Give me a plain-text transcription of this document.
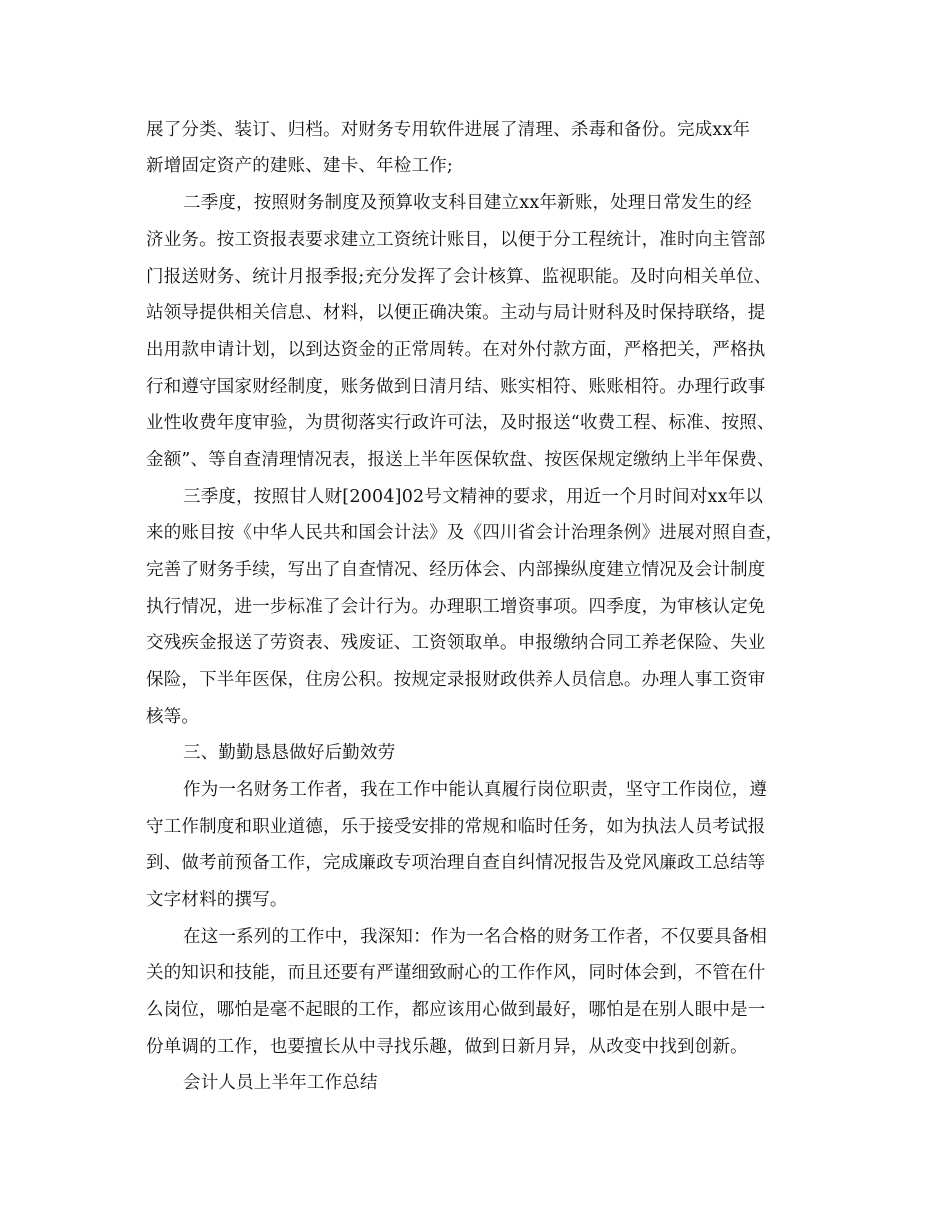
展了分类、装订、归档。对财务专用软件进展了清理、杀毒和备份。完成xx年
新增固定资产的建账、建卡、年检工作;
二季度，按照财务制度及预算收支科目建立xx年新账，处理日常发生的经
济业务。按工资报表要求建立工资统计账目，以便于分工程统计，准时向主管部
门报送财务、统计月报季报;充分发挥了会计核算、监视职能。及时向相关单位、
站领导提供相关信息、材料，以便正确决策。主动与局计财科及时保持联络，提
出用款申请计划，以到达资金的正常周转。在对外付款方面，严格把关，严格执
行和遵守国家财经制度，账务做到日清月结、账实相符、账账相符。办理行政事
业性收费年度审验，为贯彻落实行政许可法，及时报送“收费工程、标准、按照、
金额”、等自查清理情况表，报送上半年医保软盘、按医保规定缴纳上半年保费、
三季度，按照甘人财[2004]02号文精神的要求，用近一个月时间对xx年以
来的账目按《中华人民共和国会计法》及《四川省会计治理条例》进展对照自查，
完善了财务手续，写出了自查情况、经历体会、内部操纵度建立情况及会计制度
执行情况，进一步标准了会计行为。办理职工增资事项。四季度，为审核认定免
交残疾金报送了劳资表、残废证、工资领取单。申报缴纳合同工养老保险、失业
保险，下半年医保，住房公积。按规定录报财政供养人员信息。办理人事工资审
核等。
三、勤勤恳恳做好后勤效劳
作为一名财务工作者，我在工作中能认真履行岗位职责，坚守工作岗位，遵
守工作制度和职业道德，乐于接受安排的常规和临时任务，如为执法人员考试报
到、做考前预备工作，完成廉政专项治理自查自纠情况报告及党风廉政工总结等
文字材料的撰写。
在这一系列的工作中，我深知：作为一名合格的财务工作者，不仅要具备相
关的知识和技能，而且还要有严谨细致耐心的工作作风，同时体会到，不管在什
么岗位，哪怕是毫不起眼的工作，都应该用心做到最好，哪怕是在别人眼中是一
份单调的工作，也要擅长从中寻找乐趣，做到日新月异，从改变中找到创新。
会计人员上半年工作总结
